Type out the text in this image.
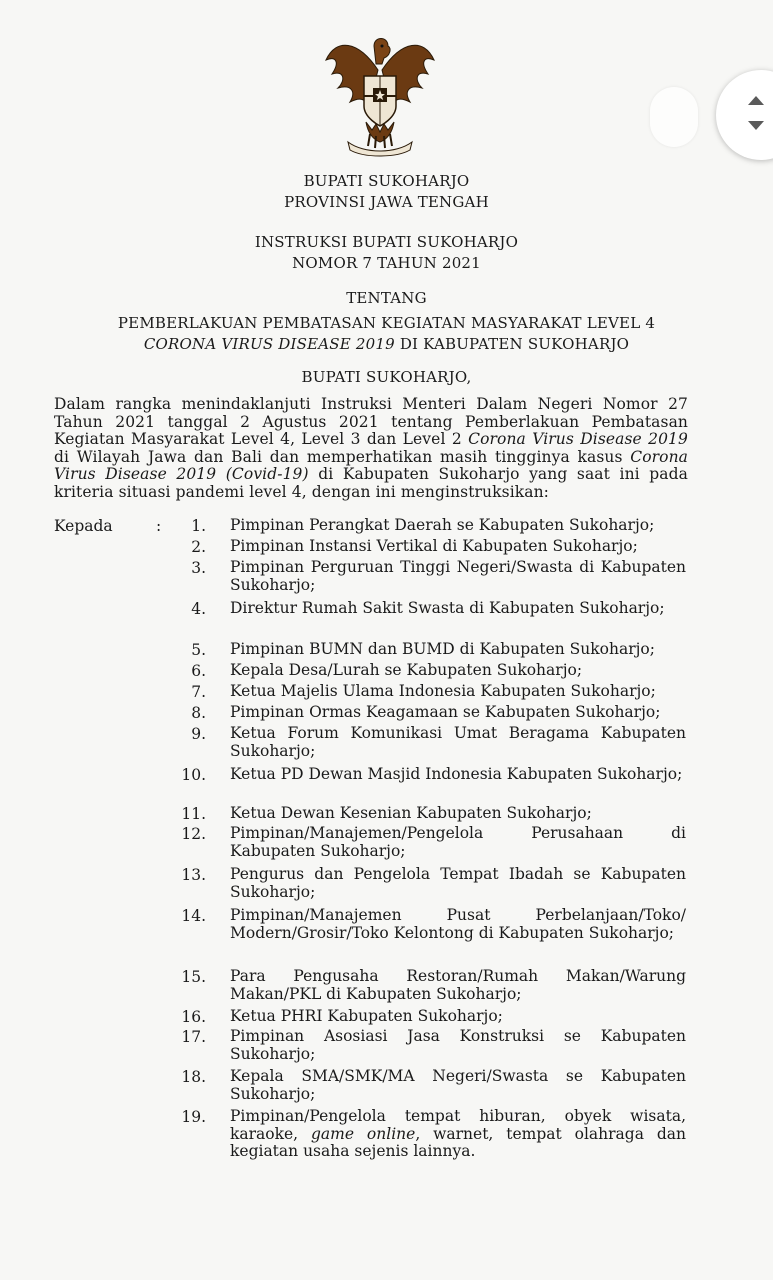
BUPATI SUKOHARJO
PROVINSI JAWA TENGAH
INSTRUKSI BUPATI SUKOHARJO
NOMOR 7 TAHUN 2021
TENTANG
PEMBERLAKUAN PEMBATASAN KEGIATAN MASYARAKAT LEVEL 4
CORONA VIRUS DISEASE 2019 DI KABUPATEN SUKOHARJO
BUPATI SUKOHARJO,
Dalam rangka menindaklanjuti Instruksi Menteri Dalam Negeri Nomor 27 Tahun 2021 tanggal 2 Agustus 2021 tentang Pemberlakuan Pembatasan Kegiatan Masyarakat Level 4, Level 3 dan Level 2 Corona Virus Disease 2019 di Wilayah Jawa dan Bali dan memperhatikan masih tingginya kasus Corona Virus Disease 2019 (Covid-19) di Kabupaten Sukoharjo yang saat ini pada kriteria situasi pandemi level 4, dengan ini menginstruksikan:
Kepada	:	1. Pimpinan Perangkat Daerah se Kabupaten Sukoharjo;
2. Pimpinan Instansi Vertikal di Kabupaten Sukoharjo;
3. Pimpinan Perguruan Tinggi Negeri/Swasta di Kabupaten Sukoharjo;
4. Direktur Rumah Sakit Swasta di Kabupaten Sukoharjo;
5. Pimpinan BUMN dan BUMD di Kabupaten Sukoharjo;
6. Kepala Desa/Lurah se Kabupaten Sukoharjo;
7. Ketua Majelis Ulama Indonesia Kabupaten Sukoharjo;
8. Pimpinan Ormas Keagamaan se Kabupaten Sukoharjo;
9. Ketua Forum Komunikasi Umat Beragama Kabupaten Sukoharjo;
10. Ketua PD Dewan Masjid Indonesia Kabupaten Sukoharjo;
11. Ketua Dewan Kesenian Kabupaten Sukoharjo;
12. Pimpinan/Manajemen/Pengelola Perusahaan di Kabupaten Sukoharjo;
13. Pengurus dan Pengelola Tempat Ibadah se Kabupaten Sukoharjo;
14. Pimpinan/Manajemen Pusat Perbelanjaan/Toko/ Modern/Grosir/Toko Kelontong di Kabupaten Sukoharjo;
15. Para Pengusaha Restoran/Rumah Makan/Warung Makan/PKL di Kabupaten Sukoharjo;
16. Ketua PHRI Kabupaten Sukoharjo;
17. Pimpinan Asosiasi Jasa Konstruksi se Kabupaten Sukoharjo;
18. Kepala SMA/SMK/MA Negeri/Swasta se Kabupaten Sukoharjo;
19. Pimpinan/Pengelola tempat hiburan, obyek wisata, karaoke, game online, warnet, tempat olahraga dan kegiatan usaha sejenis lainnya.
